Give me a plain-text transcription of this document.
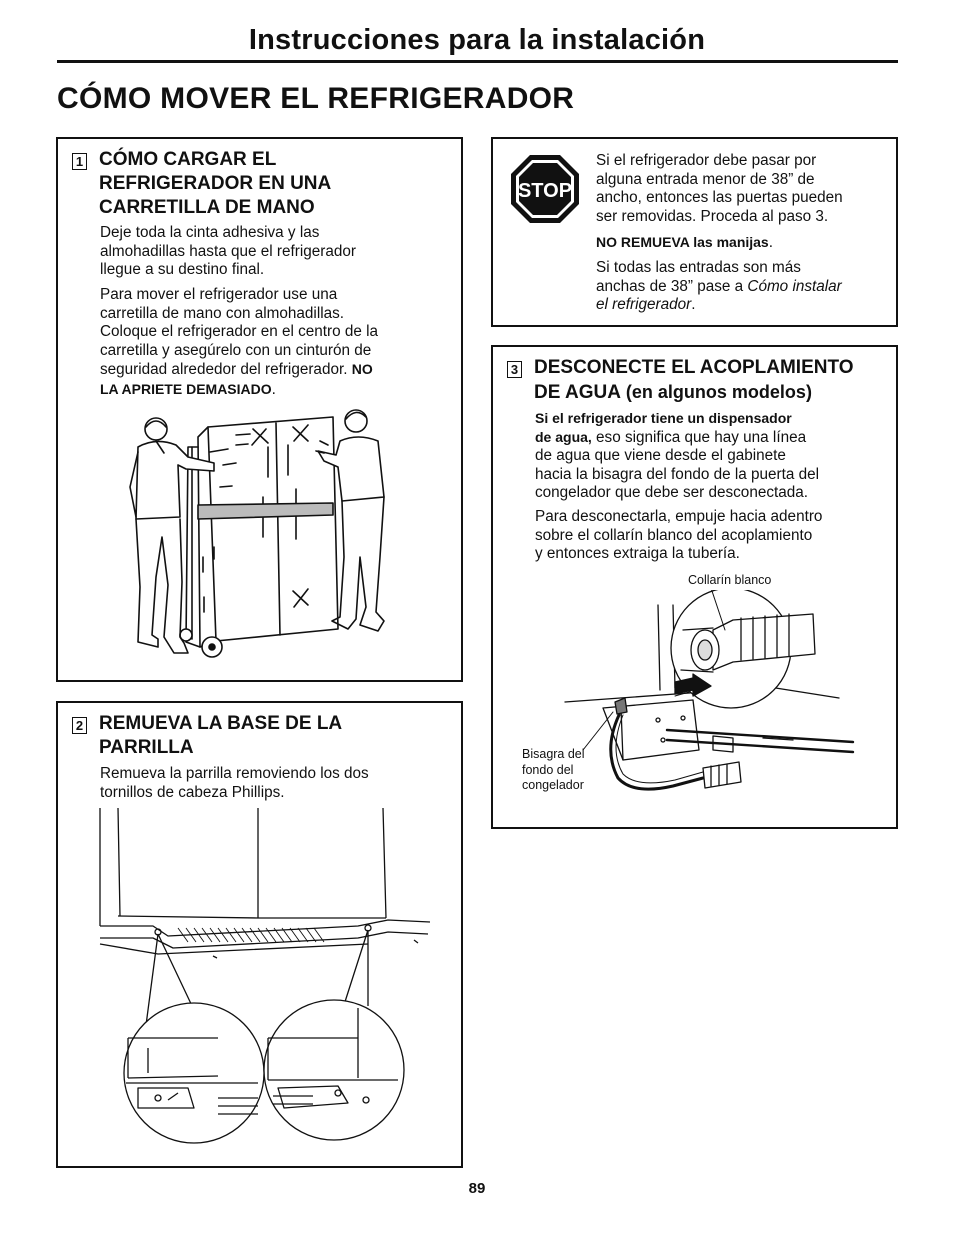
Instrucciones para la instalación
CÓMO MOVER EL REFRIGERADOR
1 CÓMO CARGAR EL
REFRIGERADOR EN UNA
CARRETILLA DE MANO
Deje toda la cinta adhesiva y las
almohadillas hasta que el refrigerador
llegue a su destino final.
Para mover el refrigerador use una
carretilla de mano con almohadillas.
Coloque el refrigerador en el centro de la
carretilla y asegúrelo con un cinturón de
seguridad alrededor del refrigerador. NO
LA APRIETE DEMASIADO.
2 REMUEVA LA BASE DE LA
PARRILLA
Remueva la parrilla removiendo los dos
tornillos de cabeza Phillips.
STOP
Si el refrigerador debe pasar por
alguna entrada menor de 38” de
ancho, entonces las puertas pueden
ser removidas. Proceda al paso 3.
NO REMUEVA las manijas.
Si todas las entradas son más
anchas de 38” pase a Cómo instalar
el refrigerador.
3 DESCONECTE EL ACOPLAMIENTO
DE AGUA (en algunos modelos)
Si el refrigerador tiene un dispensador
de agua, eso significa que hay una línea
de agua que viene desde el gabinete
hacia la bisagra del fondo de la puerta del
congelador que debe ser desconectada.
Para desconectarla, empuje hacia adentro
sobre el collarín blanco del acoplamiento
y entonces extraiga la tubería.
Collarín blanco
Bisagra del
fondo del
congelador
89
